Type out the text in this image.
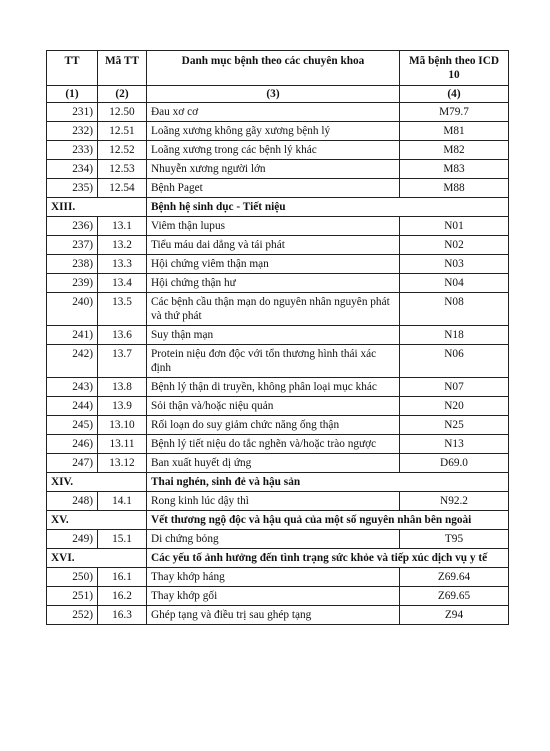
TT	Mã TT	Danh mục bệnh theo các chuyên khoa	Mã bệnh theo ICD 10
(1)	(2)	(3)	(4)
231)	12.50	Đau xơ cơ	M79.7
232)	12.51	Loãng xương không gãy xương bệnh lý	M81
233)	12.52	Loãng xương trong các bệnh lý khác	M82
234)	12.53	Nhuyễn xương người lớn	M83
235)	12.54	Bệnh Paget	M88
XIII.		Bệnh hệ sinh dục - Tiết niệu	
236)	13.1	Viêm thận lupus	N01
237)	13.2	Tiểu máu dai dẳng và tái phát	N02
238)	13.3	Hội chứng viêm thận mạn	N03
239)	13.4	Hội chứng thận hư	N04
240)	13.5	Các bệnh cầu thận mạn do nguyên nhân nguyên phát và thứ phát	N08
241)	13.6	Suy thận mạn	N18
242)	13.7	Protein niệu đơn độc với tổn thương hình thái xác định	N06
243)	13.8	Bệnh lý thận di truyền, không phân loại mục khác	N07
244)	13.9	Sỏi thận và/hoặc niệu quản	N20
245)	13.10	Rối loạn do suy giảm chức năng ống thận	N25
246)	13.11	Bệnh lý tiết niệu do tắc nghẽn và/hoặc trào ngược	N13
247)	13.12	Ban xuất huyết dị ứng	D69.0
XIV.		Thai nghén, sinh đẻ và hậu sản	
248)	14.1	Rong kinh lúc dậy thì	N92.2
XV.		Vết thương ngộ độc và hậu quả của một số nguyên nhân bên ngoài	
249)	15.1	Di chứng bỏng	T95
XVI.		Các yếu tố ảnh hưởng đến tình trạng sức khỏe và tiếp xúc dịch vụ y tế	
250)	16.1	Thay khớp háng	Z69.64
251)	16.2	Thay khớp gối	Z69.65
252)	16.3	Ghép tạng và điều trị sau ghép tạng	Z94
